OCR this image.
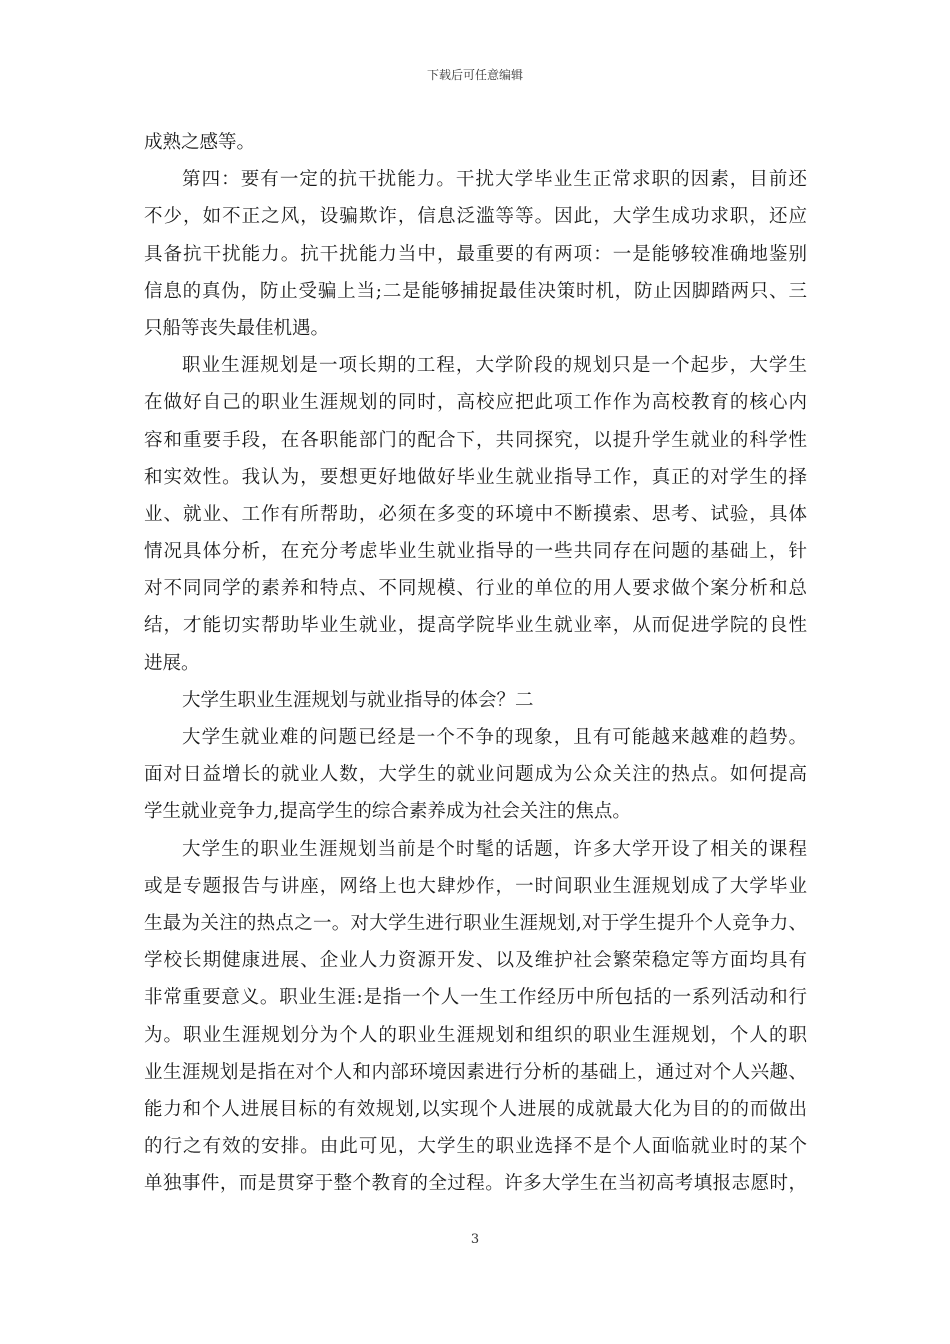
下载后可任意编辑
成熟之感等。
第四：要有一定的抗干扰能力。干扰大学毕业生正常求职的因素，目前还
不少，如不正之风，设骗欺诈，信息泛滥等等。因此，大学生成功求职，还应
具备抗干扰能力。抗干扰能力当中，最重要的有两项：一是能够较准确地鉴别
信息的真伪，防止受骗上当;二是能够捕捉最佳决策时机，防止因脚踏两只、三
只船等丧失最佳机遇。
职业生涯规划是一项长期的工程，大学阶段的规划只是一个起步，大学生
在做好自己的职业生涯规划的同时，高校应把此项工作作为高校教育的核心内
容和重要手段，在各职能部门的配合下，共同探究，以提升学生就业的科学性
和实效性。我认为，要想更好地做好毕业生就业指导工作，真正的对学生的择
业、就业、工作有所帮助，必须在多变的环境中不断摸索、思考、试验，具体
情况具体分析，在充分考虑毕业生就业指导的一些共同存在问题的基础上，针
对不同同学的素养和特点、不同规模、行业的单位的用人要求做个案分析和总
结，才能切实帮助毕业生就业，提高学院毕业生就业率，从而促进学院的良性
进展。
大学生职业生涯规划与就业指导的体会？二
大学生就业难的问题已经是一个不争的现象，且有可能越来越难的趋势。
面对日益增长的就业人数，大学生的就业问题成为公众关注的热点。如何提高
学生就业竞争力,提高学生的综合素养成为社会关注的焦点。
大学生的职业生涯规划当前是个时髦的话题，许多大学开设了相关的课程
或是专题报告与讲座，网络上也大肆炒作，一时间职业生涯规划成了大学毕业
生最为关注的热点之一。对大学生进行职业生涯规划,对于学生提升个人竞争力、
学校长期健康进展、企业人力资源开发、以及维护社会繁荣稳定等方面均具有
非常重要意义。职业生涯:是指一个人一生工作经历中所包括的一系列活动和行
为。职业生涯规划分为个人的职业生涯规划和组织的职业生涯规划，个人的职
业生涯规划是指在对个人和内部环境因素进行分析的基础上，通过对个人兴趣、
能力和个人进展目标的有效规划,以实现个人进展的成就最大化为目的的而做出
的行之有效的安排。由此可见，大学生的职业选择不是个人面临就业时的某个
单独事件，而是贯穿于整个教育的全过程。许多大学生在当初高考填报志愿时，
3
